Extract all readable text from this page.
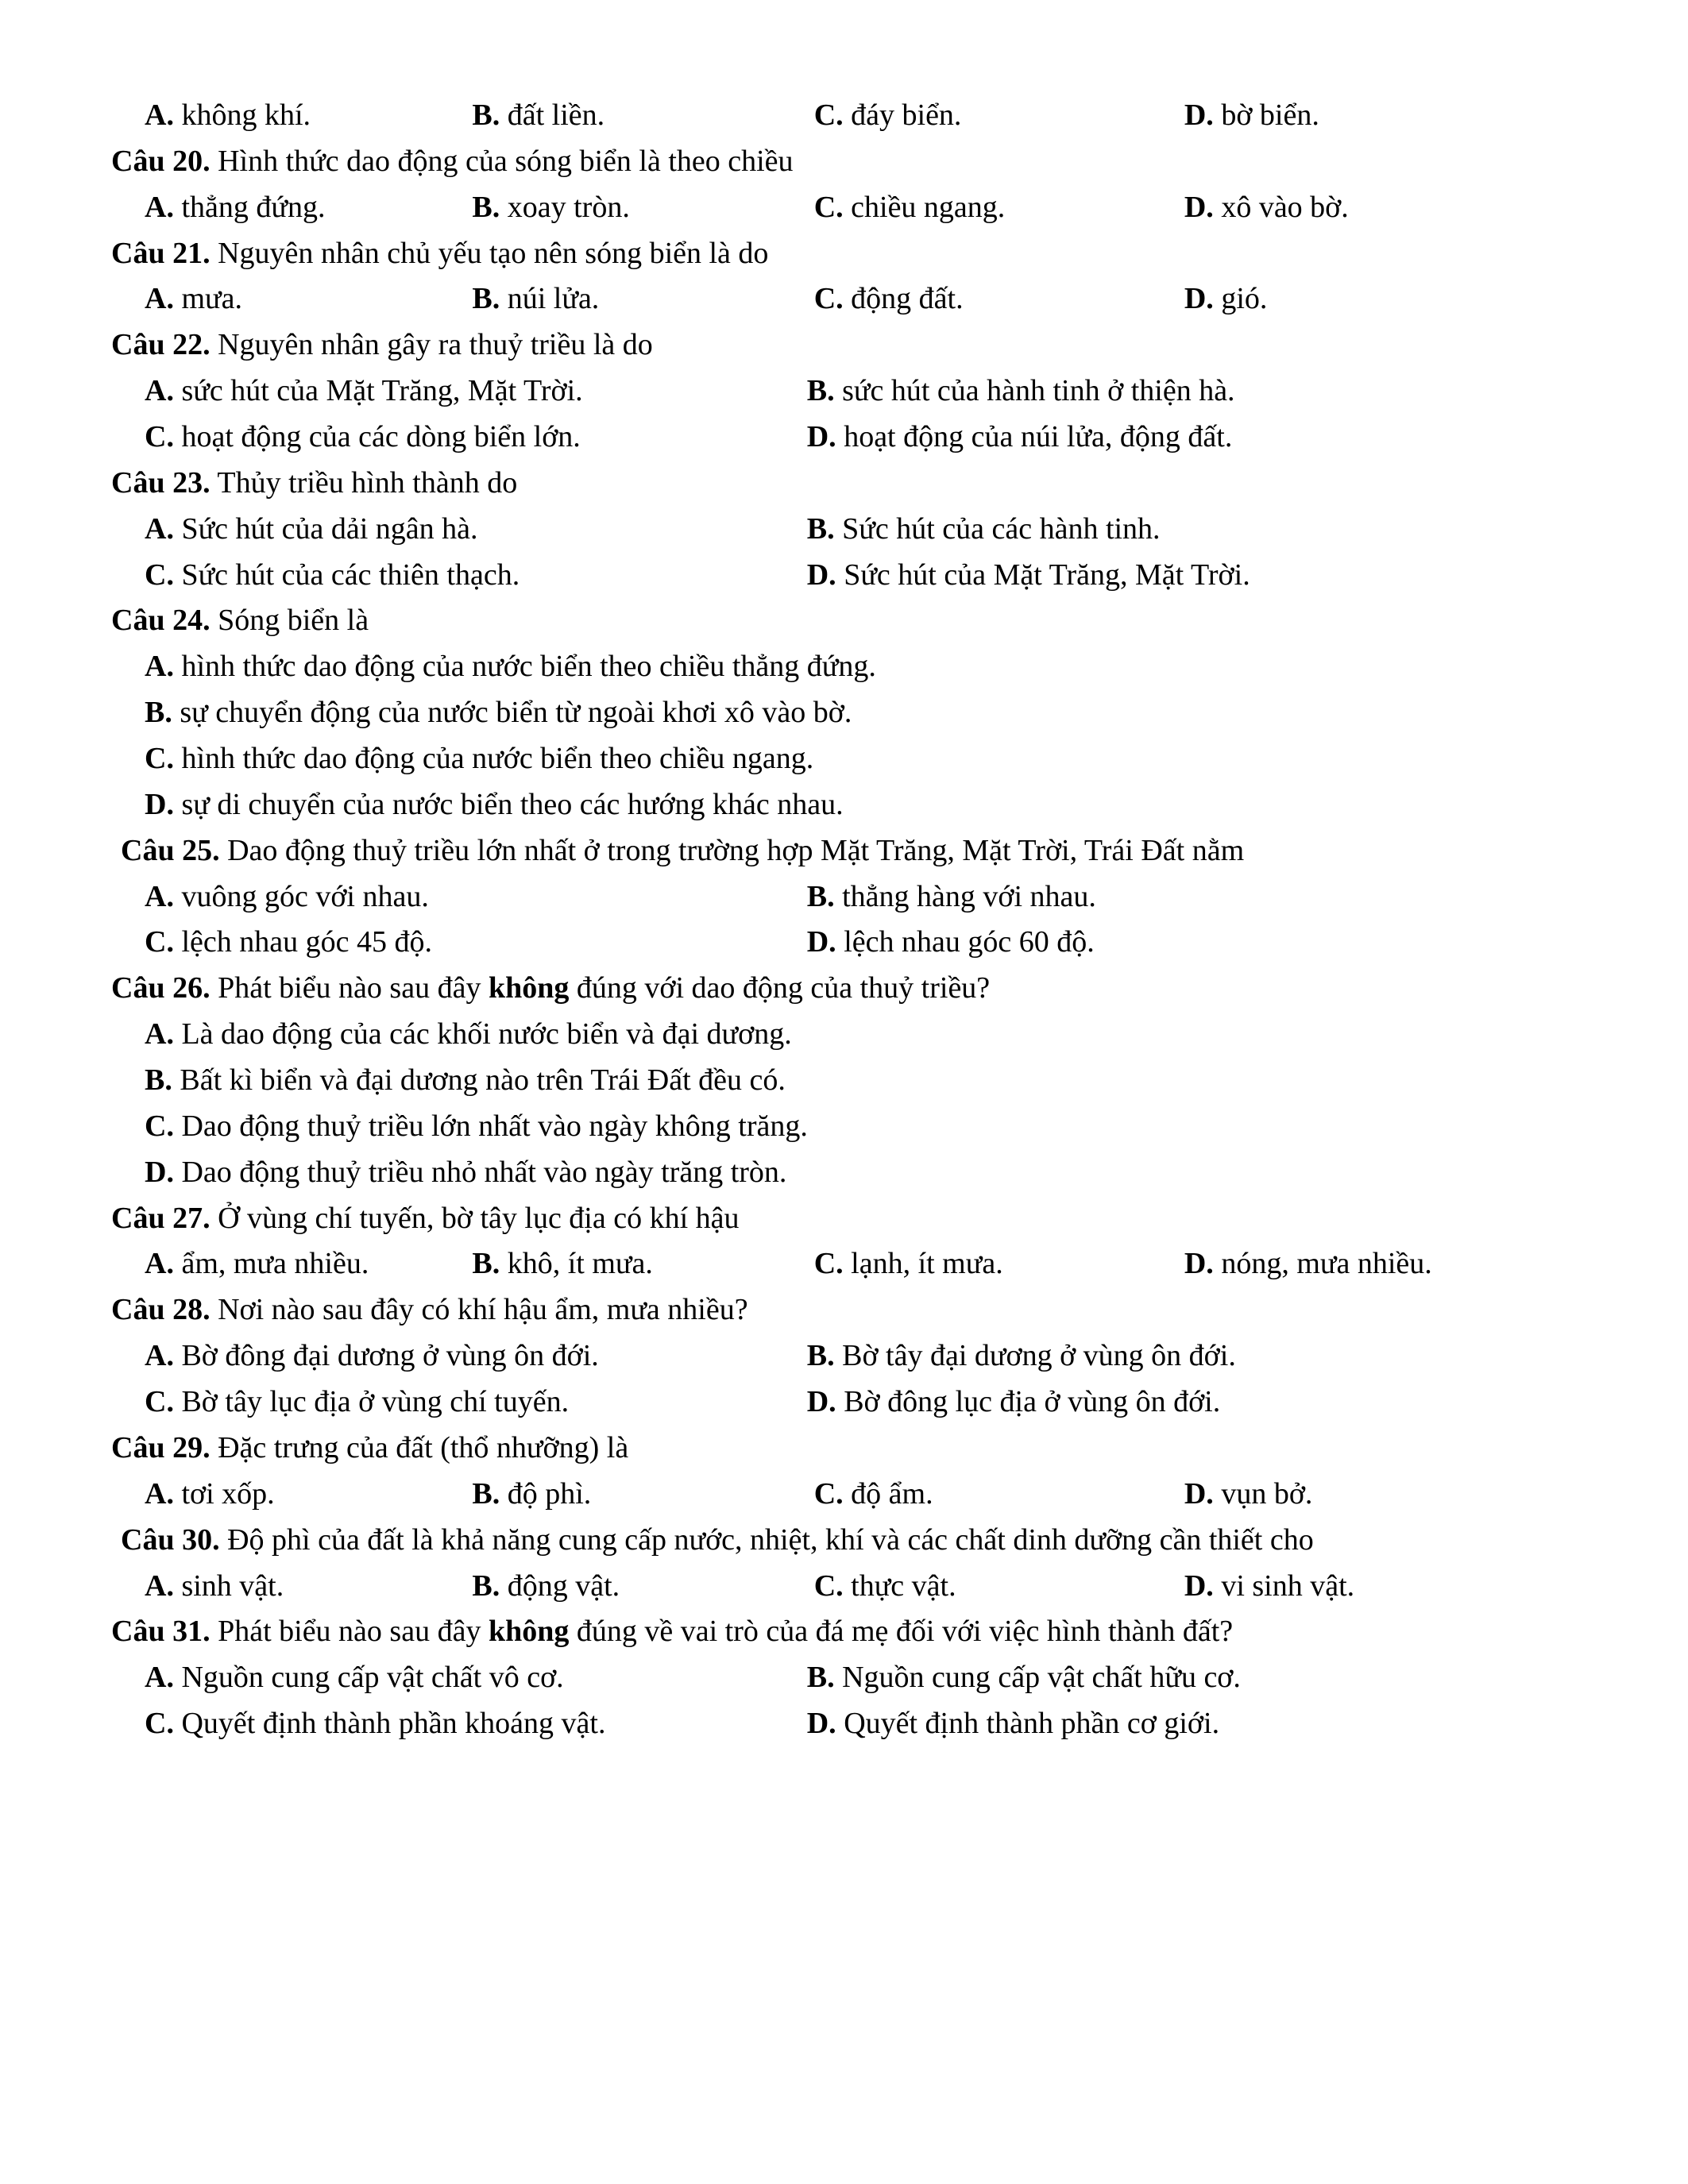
A. không khí.	B. đất liền.	C. đáy biển.	D. bờ biển.
Câu 20. Hình thức dao động của sóng biển là theo chiều
A. thẳng đứng.	B. xoay tròn.	C. chiều ngang.	D. xô vào bờ.
Câu 21. Nguyên nhân chủ yếu tạo nên sóng biển là do
A. mưa.	B. núi lửa.	C. động đất.	D. gió.
Câu 22. Nguyên nhân gây ra thuỷ triều là do
A. sức hút của Mặt Trăng, Mặt Trời.	B. sức hút của hành tinh ở thiện hà.
C. hoạt động của các dòng biển lớn.	D. hoạt động của núi lửa, động đất.
Câu 23. Thủy triều hình thành do
A. Sức hút của dải ngân hà.	B. Sức hút của các hành tinh.
C. Sức hút của các thiên thạch.	D. Sức hút của Mặt Trăng, Mặt Trời.
Câu 24. Sóng biển là
A. hình thức dao động của nước biển theo chiều thẳng đứng.
B. sự chuyển động của nước biển từ ngoài khơi xô vào bờ.
C. hình thức dao động của nước biển theo chiều ngang.
D. sự di chuyển của nước biển theo các hướng khác nhau.
Câu 25. Dao động thuỷ triều lớn nhất ở trong trường hợp Mặt Trăng, Mặt Trời, Trái Đất nằm
A. vuông góc với nhau.	B. thẳng hàng với nhau.
C. lệch nhau góc 45 độ.	D. lệch nhau góc 60 độ.
Câu 26. Phát biểu nào sau đây không đúng với dao động của thuỷ triều?
A. Là dao động của các khối nước biển và đại dương.
B. Bất kì biển và đại dương nào trên Trái Đất đều có.
C. Dao động thuỷ triều lớn nhất vào ngày không trăng.
D. Dao động thuỷ triều nhỏ nhất vào ngày trăng tròn.
Câu 27. Ở vùng chí tuyến, bờ tây lục địa có khí hậu
A. ẩm, mưa nhiều.	B. khô, ít mưa.	C. lạnh, ít mưa.	D. nóng, mưa nhiều.
Câu 28. Nơi nào sau đây có khí hậu ẩm, mưa nhiều?
A. Bờ đông đại dương ở vùng ôn đới.	B. Bờ tây đại dương ở vùng ôn đới.
C. Bờ tây lục địa ở vùng chí tuyến.	D. Bờ đông lục địa ở vùng ôn đới.
Câu 29. Đặc trưng của đất (thổ nhưỡng) là
A. tơi xốp.	B. độ phì.	C. độ ẩm.	D. vụn bở.
Câu 30. Độ phì của đất là khả năng cung cấp nước, nhiệt, khí và các chất dinh dưỡng cần thiết cho
A. sinh vật.	B. động vật.	C. thực vật.	D. vi sinh vật.
Câu 31. Phát biểu nào sau đây không đúng về vai trò của đá mẹ đối với việc hình thành đất?
A. Nguồn cung cấp vật chất vô cơ.	B. Nguồn cung cấp vật chất hữu cơ.
C. Quyết định thành phần khoáng vật.	D. Quyết định thành phần cơ giới.
